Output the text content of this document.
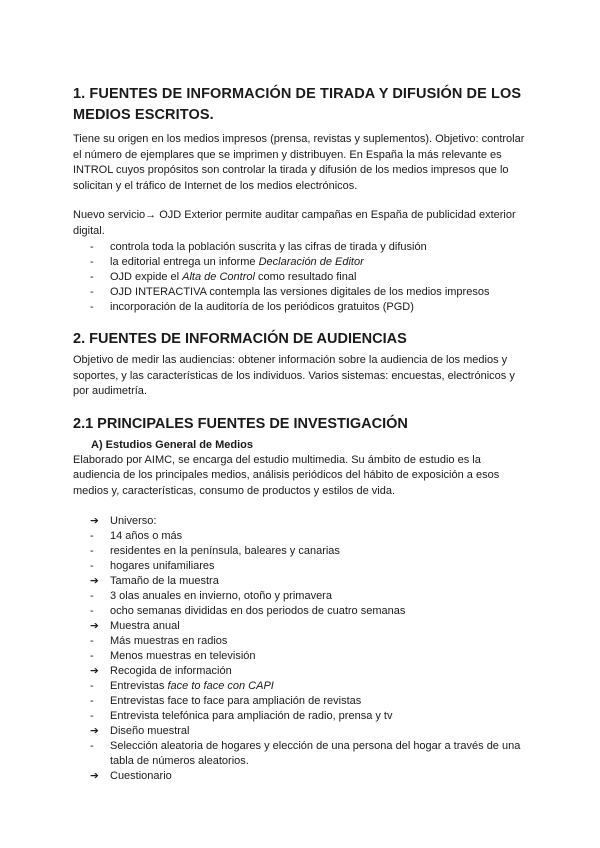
1. FUENTES DE INFORMACIÓN DE TIRADA Y DIFUSIÓN DE LOS MEDIOS ESCRITOS.

Tiene su origen en los medios impresos (prensa, revistas y suplementos). Objetivo: controlar el número de ejemplares que se imprimen y distribuyen. En España la más relevante es INTROL cuyos propósitos son controlar la tirada y difusión de los medios impresos que lo solicitan y el tráfico de Internet de los medios electrónicos.

Nuevo servicio→ OJD Exterior permite auditar campañas en España de publicidad exterior digital.

-	controla toda la población suscrita y las cifras de tirada y difusión
-	la editorial entrega un informe Declaración de Editor
-	OJD expide el Alta de Control como resultado final
-	OJD INTERACTIVA contempla las versiones digitales de los medios impresos
-	incorporación de la auditoría de los periódicos gratuitos (PGD)
2. FUENTES DE INFORMACIÓN DE AUDIENCIAS

Objetivo de medir las audiencias: obtener información sobre la audiencia de los medios y soportes, y las características de los individuos. Varios sistemas: encuestas, electrónicos y por audimetría.

2.1 PRINCIPALES FUENTES DE INVESTIGACIÓN
A) Estudios General de Medios

Elaborado por AIMC, se encarga del estudio multimedia. Su ámbito de estudio es la audiencia de los principales medios, análisis periódicos del hábito de exposición a esos medios y, características, consumo de productos y estilos de vida.

➔	Universo:
-	14 años o más
-	residentes en la península, baleares y canarias
-	hogares unifamiliares
➔	Tamaño de la muestra
-	3 olas anuales en invierno, otoño y primavera
-	ocho semanas divididas en dos periodos de cuatro semanas
➔	Muestra anual
-	Más muestras en radios
-	Menos muestras en televisión
➔	Recogida de información
-	Entrevistas face to face con CAPI
-	Entrevistas face to face para ampliación de revistas
-	Entrevista telefónica para ampliación de radio, prensa y tv
➔	Diseño muestral
-	Selección aleatoria de hogares y elección de una persona del hogar a través de una tabla de números aleatorios.
➔	Cuestionario
